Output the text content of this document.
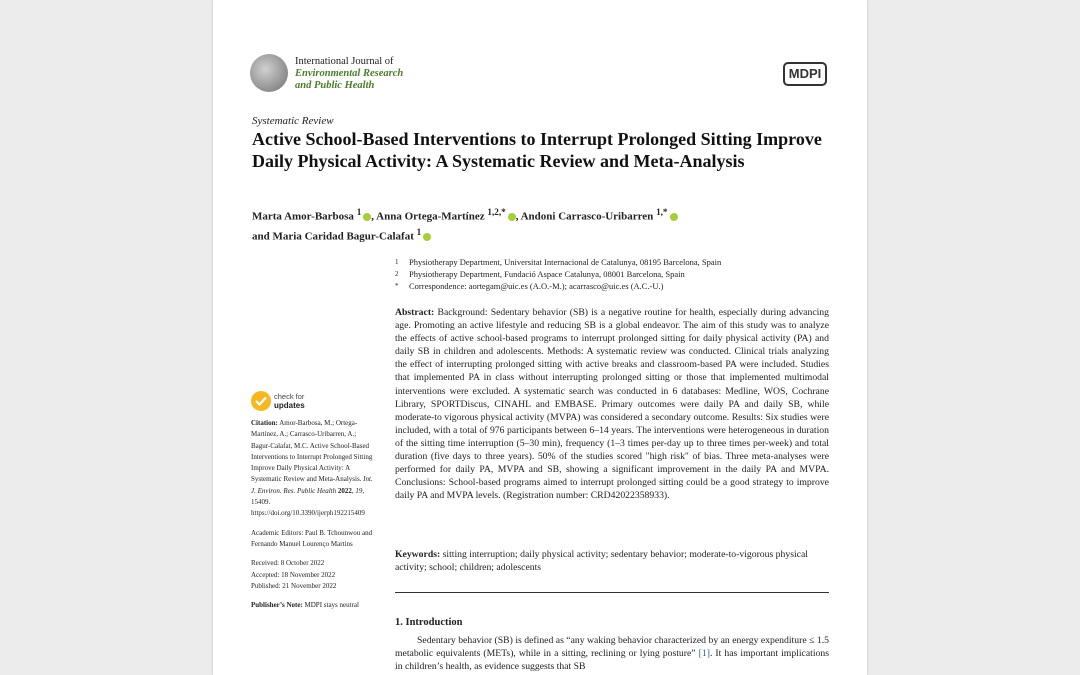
International Journal of
Environmental Research
and Public Health
MDPI
Systematic Review
Active School-Based Interventions to Interrupt Prolonged Sitting Improve Daily Physical Activity: A Systematic Review and Meta-Analysis
Marta Amor-Barbosa $^1$ , Anna Ortega-Martínez $^{1,2,*}$ , Andoni Carrasco-Uribarren $^{1,*}$
and Maria Caridad Bagur-Calafat $^1$
1 Physiotherapy Department, Universitat Internacional de Catalunya, 08195 Barcelona, Spain
2 Physiotherapy Department, Fundació Aspace Catalunya, 08001 Barcelona, Spain
* Correspondence: aortegam@uic.es (A.O.-M.); acarrasco@uic.es (A.C.-U.)
Abstract: Background: Sedentary behavior (SB) is a negative routine for health, especially during advancing age. Promoting an active lifestyle and reducing SB is a global endeavor. The aim of this study was to analyze the effects of active school-based programs to interrupt prolonged sitting for daily physical activity (PA) and daily SB in children and adolescents. Methods: A systematic review was conducted. Clinical trials analyzing the effect of interrupting prolonged sitting with active breaks and classroom-based PA were included. Studies that implemented PA in class without interrupting prolonged sitting or those that implemented multimodal interventions were excluded. A systematic search was conducted in 6 databases: Medline, WOS, Cochrane Library, SPORTDiscus, CINAHL and EMBASE. Primary outcomes were daily PA and daily SB, while moderate-to vigorous physical activity (MVPA) was considered a secondary outcome. Results: Six studies were included, with a total of 976 participants between 6–14 years. The interventions were heterogeneous in duration of the sitting time interruption (5–30 min), frequency (1–3 times per-day up to three times per-week) and total duration (five days to three years). 50% of the studies scored "high risk" of bias. Three meta-analyses were performed for daily PA, MVPA and SB, showing a significant improvement in the daily PA and MVPA. Conclusions: School-based programs aimed to interrupt prolonged sitting could be a good strategy to improve daily PA and MVPA levels. (Registration number: CRD42022358933).
Keywords: sitting interruption; daily physical activity; sedentary behavior; moderate-to-vigorous physical activity; school; children; adolescents
1. Introduction
Sedentary behavior (SB) is defined as “any waking behavior characterized by an energy expenditure ≤ 1.5 metabolic equivalents (METs), while in a sitting, reclining or lying posture” [1]. It has important implications in children’s health, as evidence suggests that SB
check for
updates
Citation: Amor-Barbosa, M.; Ortega-Martínez, A.; Carrasco-Uribarren, A.; Bagur-Calafat, M.C. Active School-Based Interventions to Interrupt Prolonged Sitting Improve Daily Physical Activity: A Systematic Review and Meta-Analysis. Int. J. Environ. Res. Public Health 2022, 19, 15409. https://doi.org/10.3390/ijerph192215409
Academic Editors: Paul B. Tchounwou and Fernando Manuel Lourenço Martins
Received: 8 October 2022
Accepted: 18 November 2022
Published: 21 November 2022
Publisher’s Note: MDPI stays neutral
